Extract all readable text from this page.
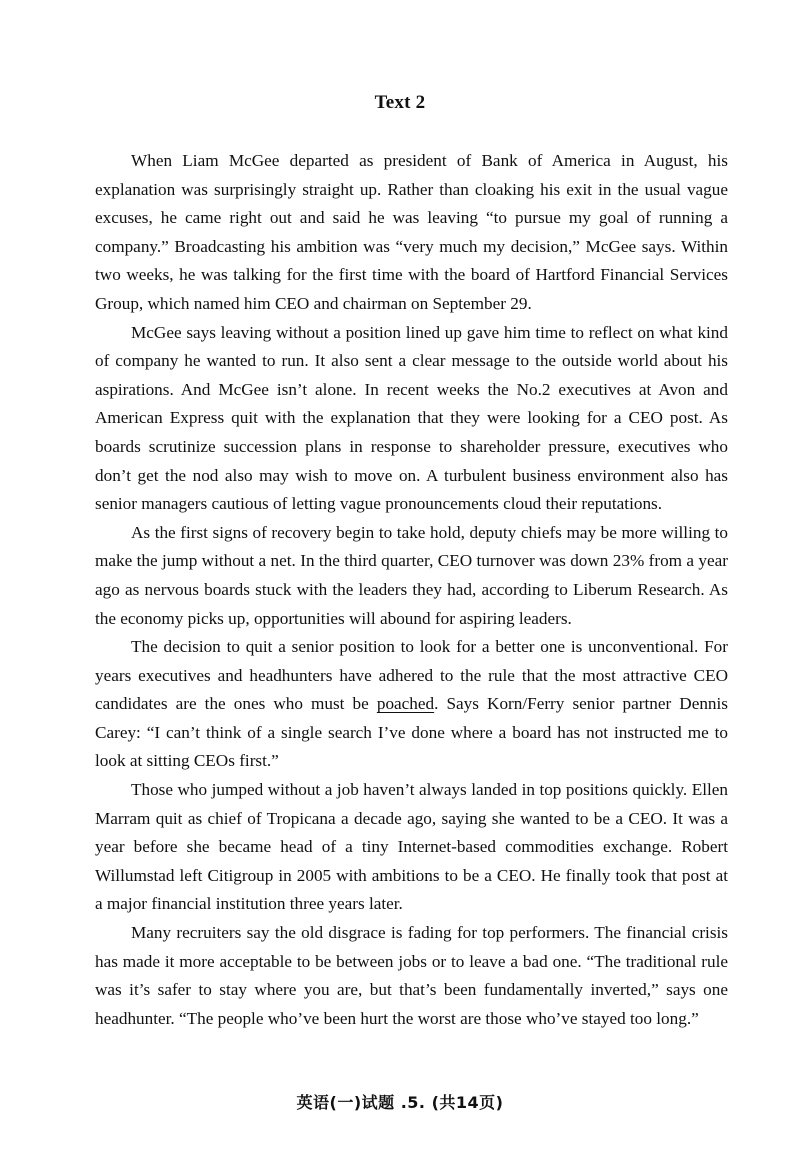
Text 2

When Liam McGee departed as president of Bank of America in August, his explanation was surprisingly straight up. Rather than cloaking his exit in the usual vague excuses, he came right out and said he was leaving “to pursue my goal of running a company.” Broadcasting his ambition was “very much my decision,” McGee says. Within two weeks, he was talking for the first time with the board of Hartford Financial Services Group, which named him CEO and chairman on September 29.

McGee says leaving without a position lined up gave him time to reflect on what kind of company he wanted to run. It also sent a clear message to the outside world about his aspirations. And McGee isn’t alone. In recent weeks the No.2 executives at Avon and American Express quit with the explanation that they were looking for a CEO post. As boards scrutinize succession plans in response to shareholder pressure, executives who don’t get the nod also may wish to move on. A turbulent business environment also has senior managers cautious of letting vague pronouncements cloud their reputations.

As the first signs of recovery begin to take hold, deputy chiefs may be more willing to make the jump without a net. In the third quarter, CEO turnover was down 23% from a year ago as nervous boards stuck with the leaders they had, according to Liberum Research. As the economy picks up, opportunities will abound for aspiring leaders.

The decision to quit a senior position to look for a better one is unconventional. For years executives and headhunters have adhered to the rule that the most attractive CEO candidates are the ones who must be poached. Says Korn/Ferry senior partner Dennis Carey: “I can’t think of a single search I’ve done where a board has not instructed me to look at sitting CEOs first.”

Those who jumped without a job haven’t always landed in top positions quickly. Ellen Marram quit as chief of Tropicana a decade ago, saying she wanted to be a CEO. It was a year before she became head of a tiny Internet-based commodities exchange. Robert Willumstad left Citigroup in 2005 with ambitions to be a CEO. He finally took that post at a major financial institution three years later.

Many recruiters say the old disgrace is fading for top performers. The financial crisis has made it more acceptable to be between jobs or to leave a bad one. “The traditional rule was it’s safer to stay where you are, but that’s been fundamentally inverted,” says one headhunter. “The people who’ve been hurt the worst are those who’ve stayed too long.”

英语(一)试题 .5. (共14页)
